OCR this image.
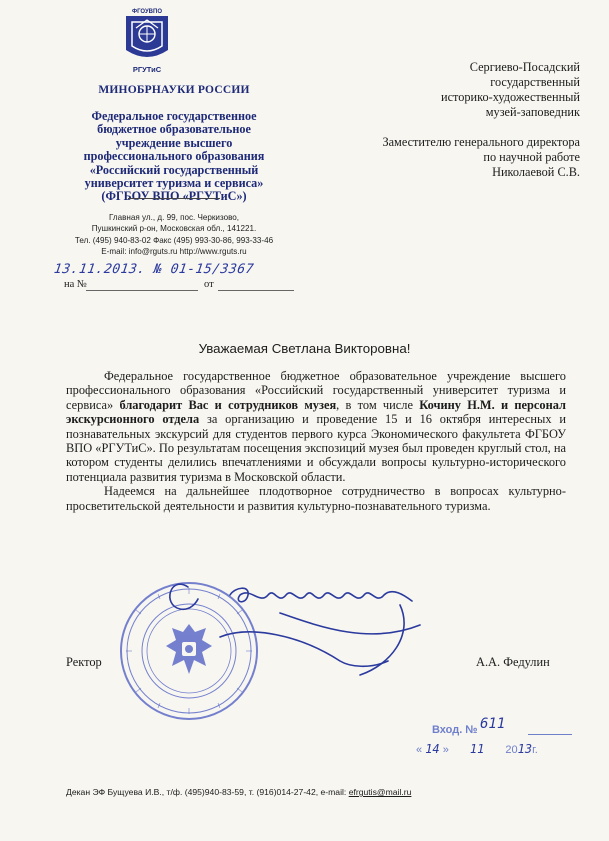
ФГОУВПО
РГУТиС
МИНОБРНАУКИ РОССИИ
Федеральное государственное
бюджетное образовательное
учреждение высшего
профессионального образования
«Российский государственный
университет туризма и сервиса»
(ФГБОУ ВПО «РГУТиС»)
Главная ул., д. 99, пос. Черкизово,
Пушкинский р-он, Московская обл., 141221.
Тел. (495) 940-83-02 Факс (495) 993-30-86, 993-33-46
E-mail: info@rguts.ru http://www.rguts.ru
13.11.2013. № 01-15/3367
на №	от
Сергиево-Посадский
государственный
историко-художественный
музей-заповедник
Заместителю генерального директора
по научной работе
Николаевой С.В.
Уважаемая Светлана Викторовна!

Федеральное государственное бюджетное образовательное учреждение высшего профессионального образования «Российский государственный университет туризма и сервиса» благодарит Вас и сотрудников музея, в том числе Кочину Н.М. и персонал экскурсионного отдела за организацию и проведение 15 и 16 октября интересных и познавательных экскурсий для студентов первого курса Экономического факультета ФГБОУ ВПО «РГУТиС». По результатам посещения экспозиций музея был проведен круглый стол, на котором студенты делились впечатлениями и обсуждали вопросы культурно-исторического потенциала развития туризма в Московской области.

Надеемся на дальнейшее плодотворное сотрудничество в вопросах культурно-просветительской деятельности и развития культурно-познавательного туризма.

Ректор	А.А. Федулин
Вход. № 611
« 14 » 11 2013г.
Декан ЭФ Бущуева И.В., т/ф. (495)940-83-59, т. (916)014-27-42, e-mail: efrgutis@mail.ru
